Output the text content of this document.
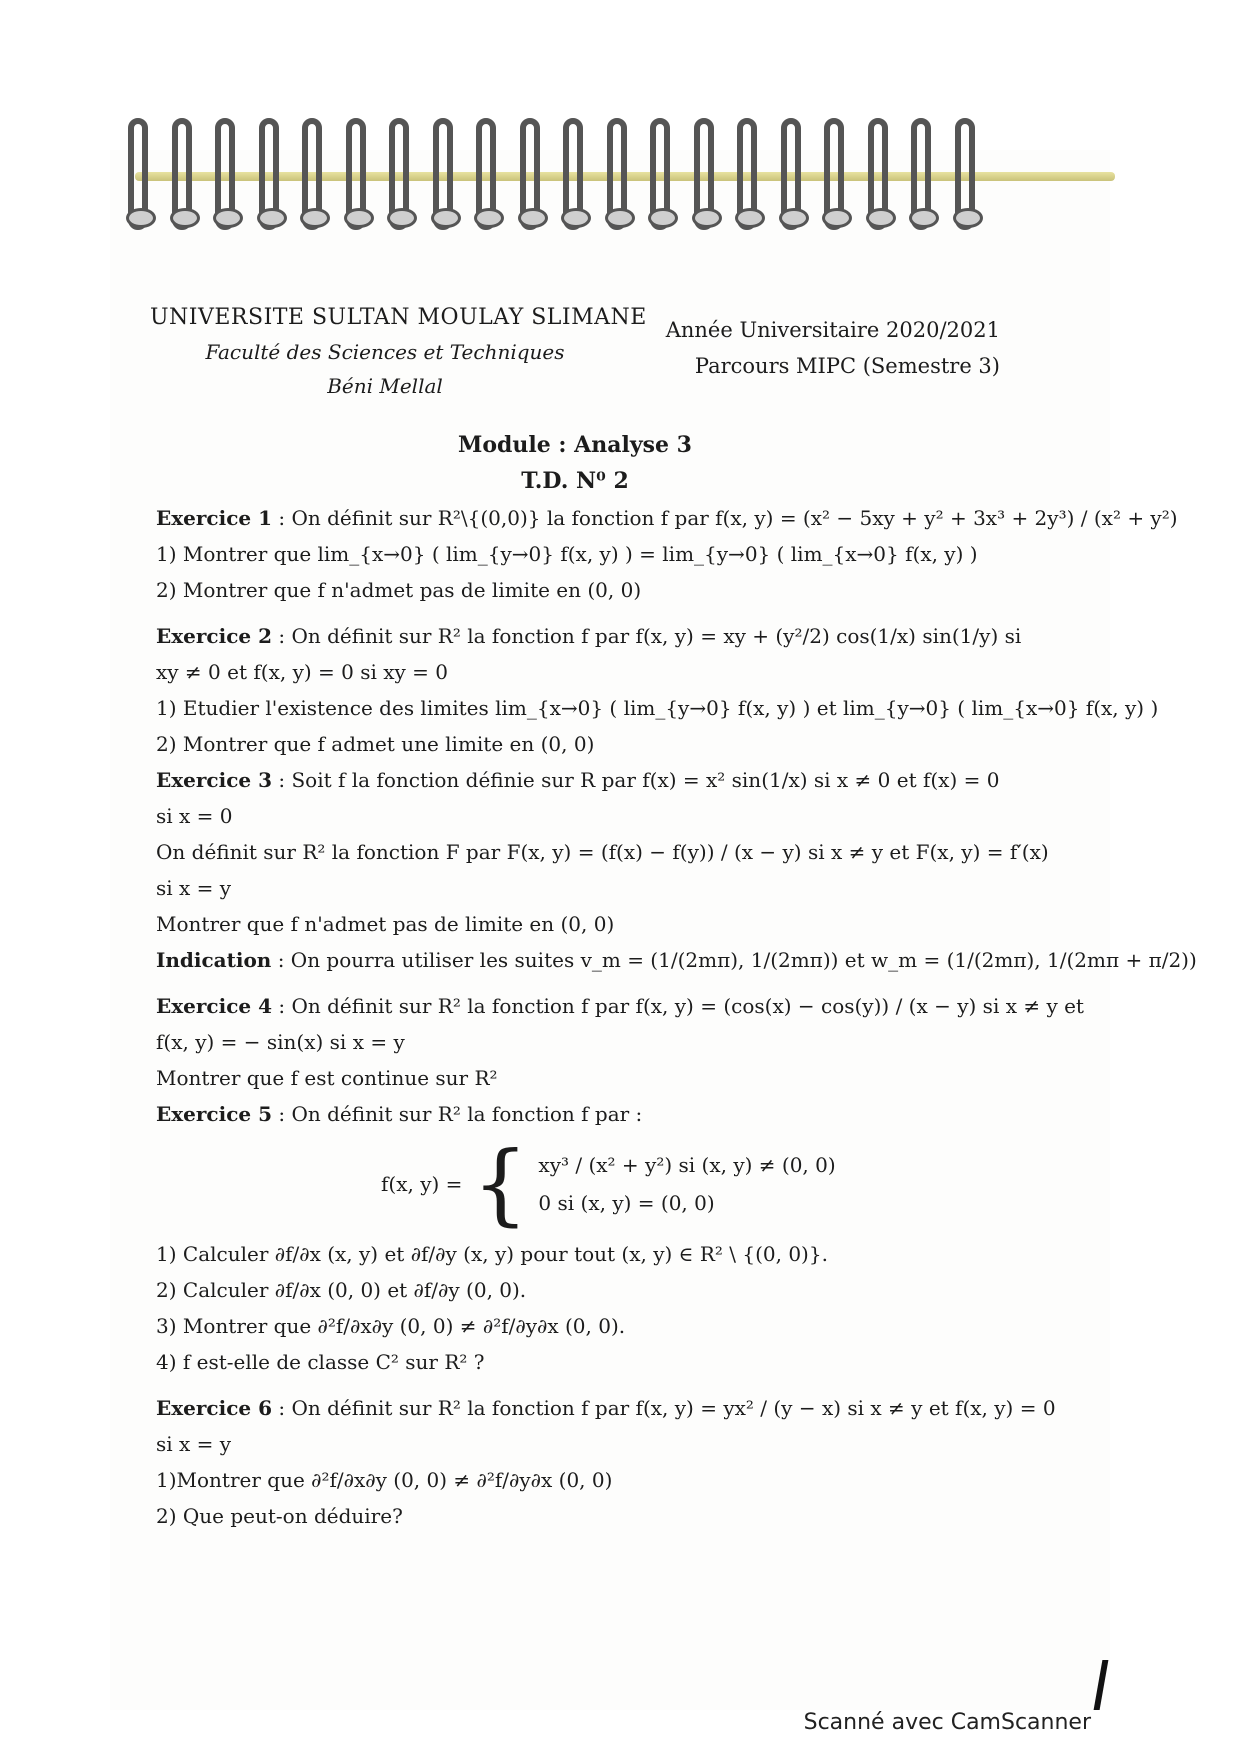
UNIVERSITE SULTAN MOULAY SLIMANE
Faculté des Sciences et Techniques
Béni Mellal
Année Universitaire 2020/2021
Parcours MIPC (Semestre 3)
Module : Analyse 3
T.D. N⁰ 2
Exercice 1 : On définit sur R²\{(0,0)} la fonction f par f(x, y) = (x² − 5xy + y² + 3x³ + 2y³) / (x² + y²)
1) Montrer que lim_{x→0} ( lim_{y→0} f(x, y) ) = lim_{y→0} ( lim_{x→0} f(x, y) )
2) Montrer que f n'admet pas de limite en (0, 0)
Exercice 2 : On définit sur R² la fonction f par f(x, y) = xy + (y²/2) cos(1/x) sin(1/y) si
xy ≠ 0 et f(x, y) = 0 si xy = 0
1) Etudier l'existence des limites lim_{x→0} ( lim_{y→0} f(x, y) ) et lim_{y→0} ( lim_{x→0} f(x, y) )
2) Montrer que f admet une limite en (0, 0)
Exercice 3 : Soit f la fonction définie sur R par f(x) = x² sin(1/x) si x ≠ 0 et f(x) = 0
si x = 0
On définit sur R² la fonction F par F(x, y) = (f(x) − f(y)) / (x − y) si x ≠ y et F(x, y) = f′(x)
si x = y
Montrer que f n'admet pas de limite en (0, 0)
Indication : On pourra utiliser les suites v_m = (1/(2mπ), 1/(2mπ)) et w_m = (1/(2mπ), 1/(2mπ + π/2))
Exercice 4 : On définit sur R² la fonction f par f(x, y) = (cos(x) − cos(y)) / (x − y) si x ≠ y et
f(x, y) = − sin(x) si x = y
Montrer que f est continue sur R²
Exercice 5 : On définit sur R² la fonction f par :
f(x, y) = { xy³ / (x² + y²) si (x, y) ≠ (0, 0)
0 si (x, y) = (0, 0)
1) Calculer ∂f/∂x (x, y) et ∂f/∂y (x, y) pour tout (x, y) ∈ R² \ {(0, 0)}.
2) Calculer ∂f/∂x (0, 0) et ∂f/∂y (0, 0).
3) Montrer que ∂²f/∂x∂y (0, 0) ≠ ∂²f/∂y∂x (0, 0).
4) f est-elle de classe C² sur R² ?
Exercice 6 : On définit sur R² la fonction f par f(x, y) = yx² / (y − x) si x ≠ y et f(x, y) = 0
si x = y
1)Montrer que ∂²f/∂x∂y (0, 0) ≠ ∂²f/∂y∂x (0, 0)
2) Que peut-on déduire?
Scanné avec CamScanner
